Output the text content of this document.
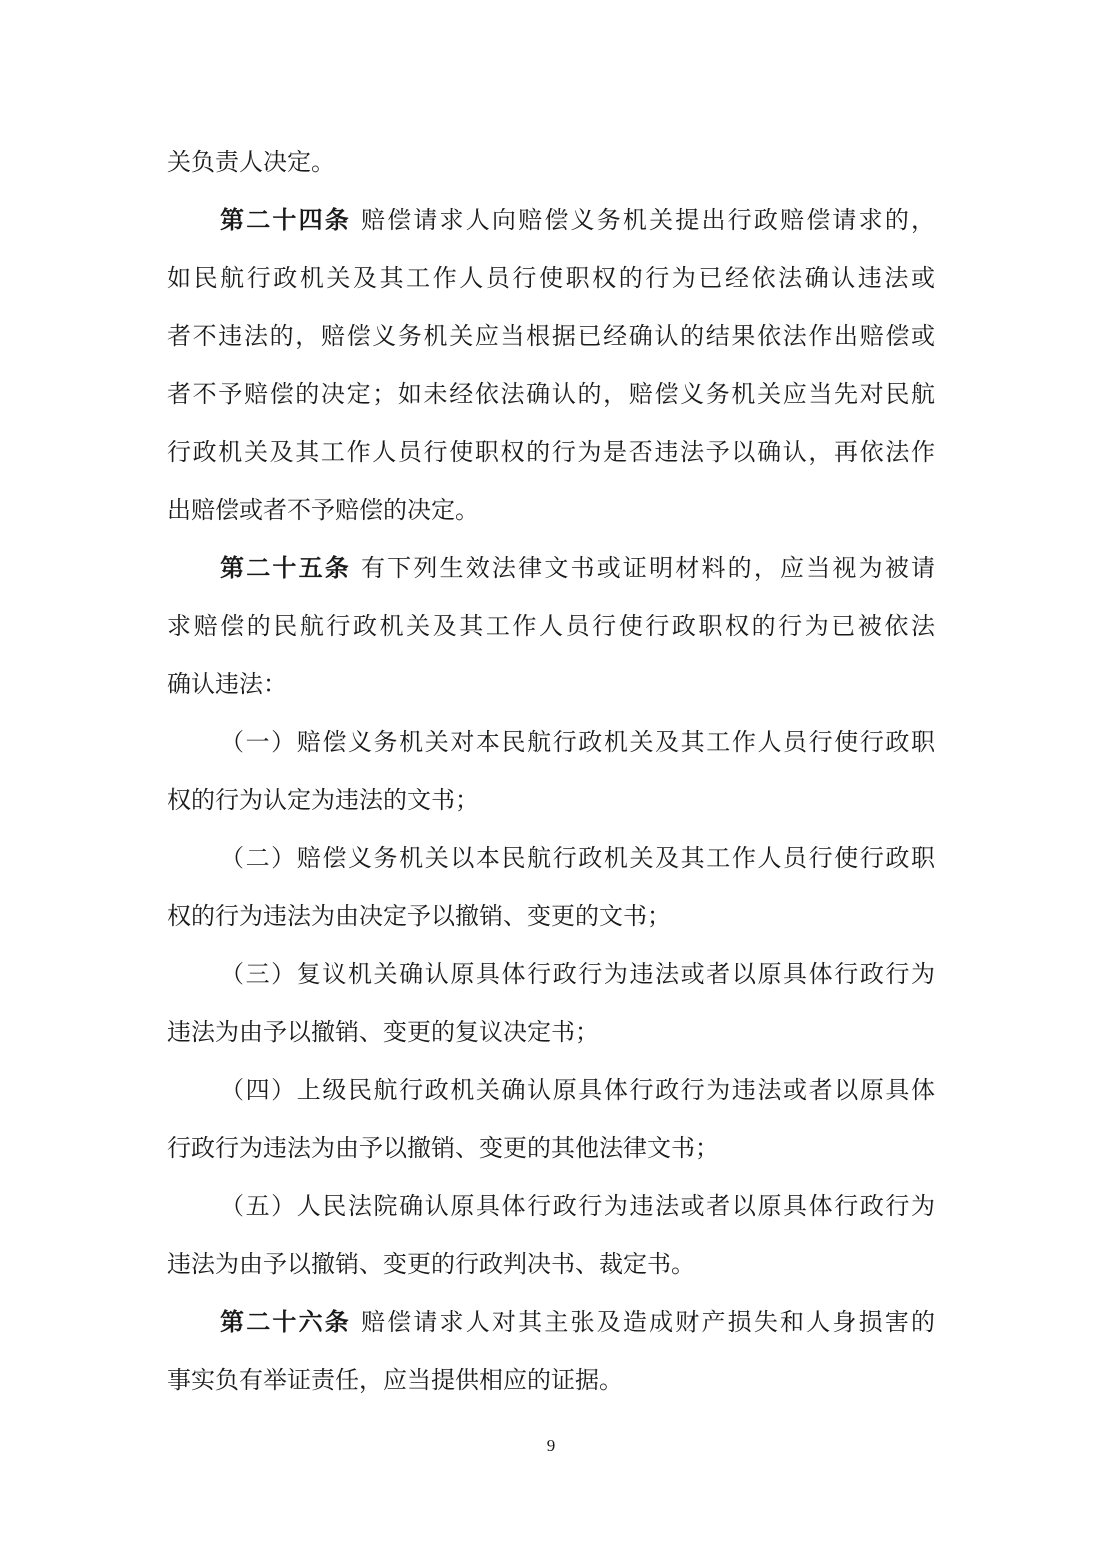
关负责人决定。
第二十四条 赔偿请求人向赔偿义务机关提出行政赔偿请求的，
如民航行政机关及其工作人员行使职权的行为已经依法确认违法或
者不违法的，赔偿义务机关应当根据已经确认的结果依法作出赔偿或
者不予赔偿的决定；如未经依法确认的，赔偿义务机关应当先对民航
行政机关及其工作人员行使职权的行为是否违法予以确认，再依法作
出赔偿或者不予赔偿的决定。
第二十五条 有下列生效法律文书或证明材料的，应当视为被请
求赔偿的民航行政机关及其工作人员行使行政职权的行为已被依法
确认违法：
（一）赔偿义务机关对本民航行政机关及其工作人员行使行政职
权的行为认定为违法的文书；
（二）赔偿义务机关以本民航行政机关及其工作人员行使行政职
权的行为违法为由决定予以撤销、变更的文书；
（三）复议机关确认原具体行政行为违法或者以原具体行政行为
违法为由予以撤销、变更的复议决定书；
（四）上级民航行政机关确认原具体行政行为违法或者以原具体
行政行为违法为由予以撤销、变更的其他法律文书；
（五）人民法院确认原具体行政行为违法或者以原具体行政行为
违法为由予以撤销、变更的行政判决书、裁定书。
第二十六条 赔偿请求人对其主张及造成财产损失和人身损害的
事实负有举证责任，应当提供相应的证据。
9
